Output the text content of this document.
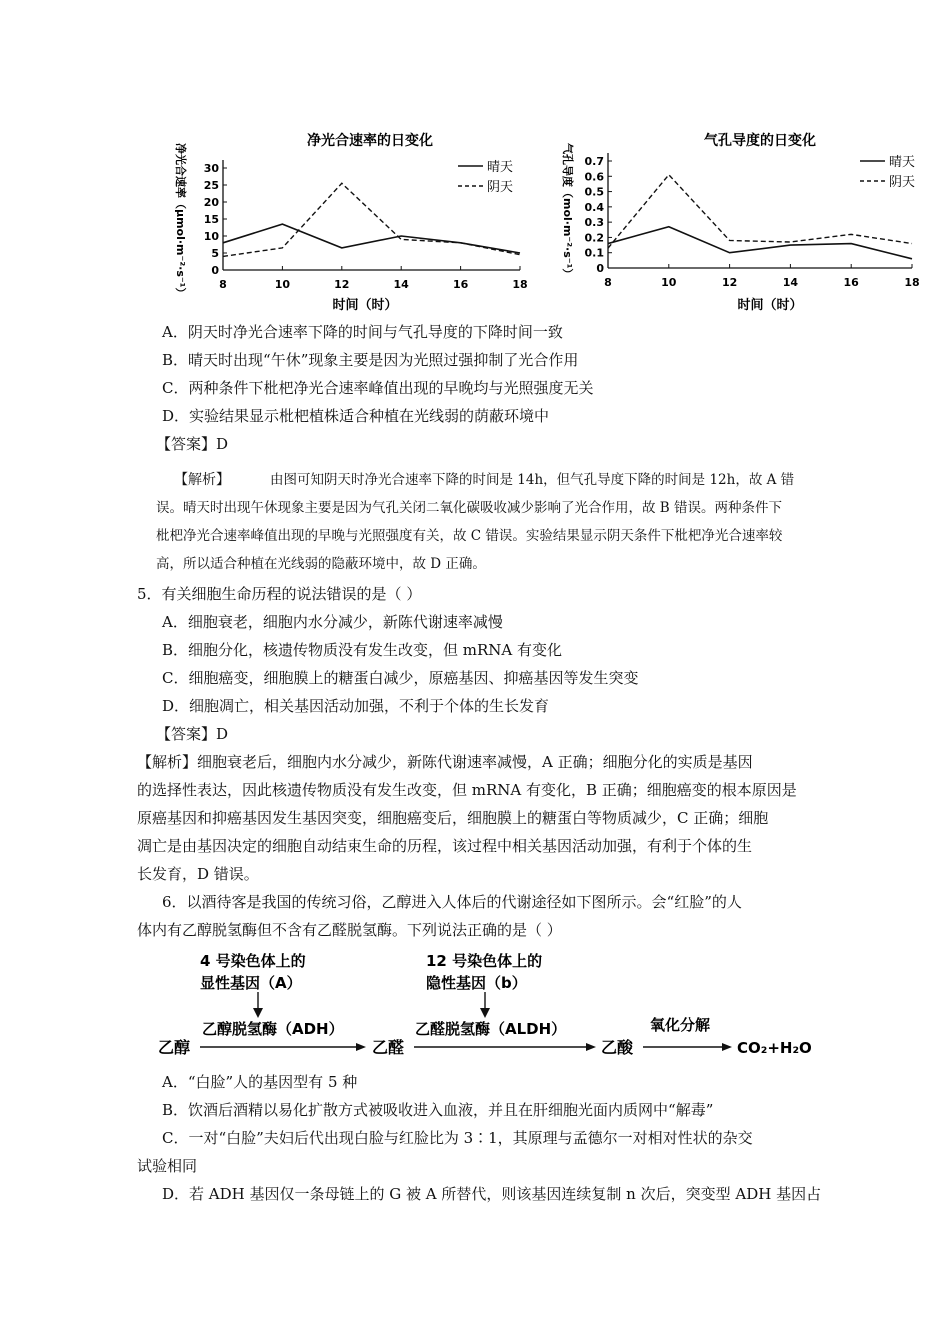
净光合速率的日变化
0
5
10
15
20
25
30
8	10	12	14	16	18
时间（时）
净光合速率（μmol·m⁻²·s⁻¹）	晴天
阴天
气孔导度的日变化
0
0.1
0.2
0.3
0.4
0.5
0.6
0.7
8	10	12	14	16	18
时间（时）
气孔导度（mol·m⁻²·s⁻¹）	晴天
阴天
A．阴天时净光合速率下降的时间与气孔导度的下降时间一致
B．晴天时出现“午休”现象主要是因为光照过强抑制了光合作用
C．两种条件下枇杷净光合速率峰值出现的早晚均与光照强度无关
D．实验结果显示枇杷植株适合种植在光线弱的荫蔽环境中
【答案】D
【解析】	由图可知阴天时净光合速率下降的时间是 14h，但气孔导度下降的时间是 12h，故 A 错
误。晴天时出现午休现象主要是因为气孔关闭二氧化碳吸收减少影响了光合作用，故 B 错误。两种条件下
枇杷净光合速率峰值出现的早晚与光照强度有关，故 C 错误。实验结果显示阴天条件下枇杷净光合速率较
高，所以适合种植在光线弱的隐蔽环境中，故 D 正确。
5．有关细胞生命历程的说法错误的是（ ）
A．细胞衰老，细胞内水分减少，新陈代谢速率减慢
B．细胞分化，核遗传物质没有发生改变，但 mRNA 有变化
C．细胞癌变，细胞膜上的糖蛋白减少，原癌基因、抑癌基因等发生突变
D．细胞凋亡，相关基因活动加强，不利于个体的生长发育
【答案】D
【解析】细胞衰老后，细胞内水分减少，新陈代谢速率减慢，A 正确；细胞分化的实质是基因
的选择性表达，因此核遗传物质没有发生改变，但 mRNA 有变化，B 正确；细胞癌变的根本原因是
原癌基因和抑癌基因发生基因突变，细胞癌变后，细胞膜上的糖蛋白等物质减少，C 正确；细胞
凋亡是由基因决定的细胞自动结束生命的历程，该过程中相关基因活动加强，有利于个体的生
长发育，D 错误。
6．以酒待客是我国的传统习俗，乙醇进入人体后的代谢途径如下图所示。会“红脸”的人
体内有乙醇脱氢酶但不含有乙醛脱氢酶。下列说法正确的是（ ）
4 号染色体上的
显性基因（A）
12 号染色体上的
隐性基因（b）
乙醇脱氢酶（ADH）	乙醛脱氢酶（ALDH）	氧化分解
乙醇	乙醛	乙酸	CO₂+H₂O
A．“白脸”人的基因型有 5 种
B．饮酒后酒精以易化扩散方式被吸收进入血液，并且在肝细胞光面内质网中“解毒”
C．一对“白脸”夫妇后代出现白脸与红脸比为 3∶1，其原理与孟德尔一对相对性状的杂交
试验相同
D．若 ADH 基因仅一条母链上的 G 被 A 所替代，则该基因连续复制 n 次后，突变型 ADH 基因占
